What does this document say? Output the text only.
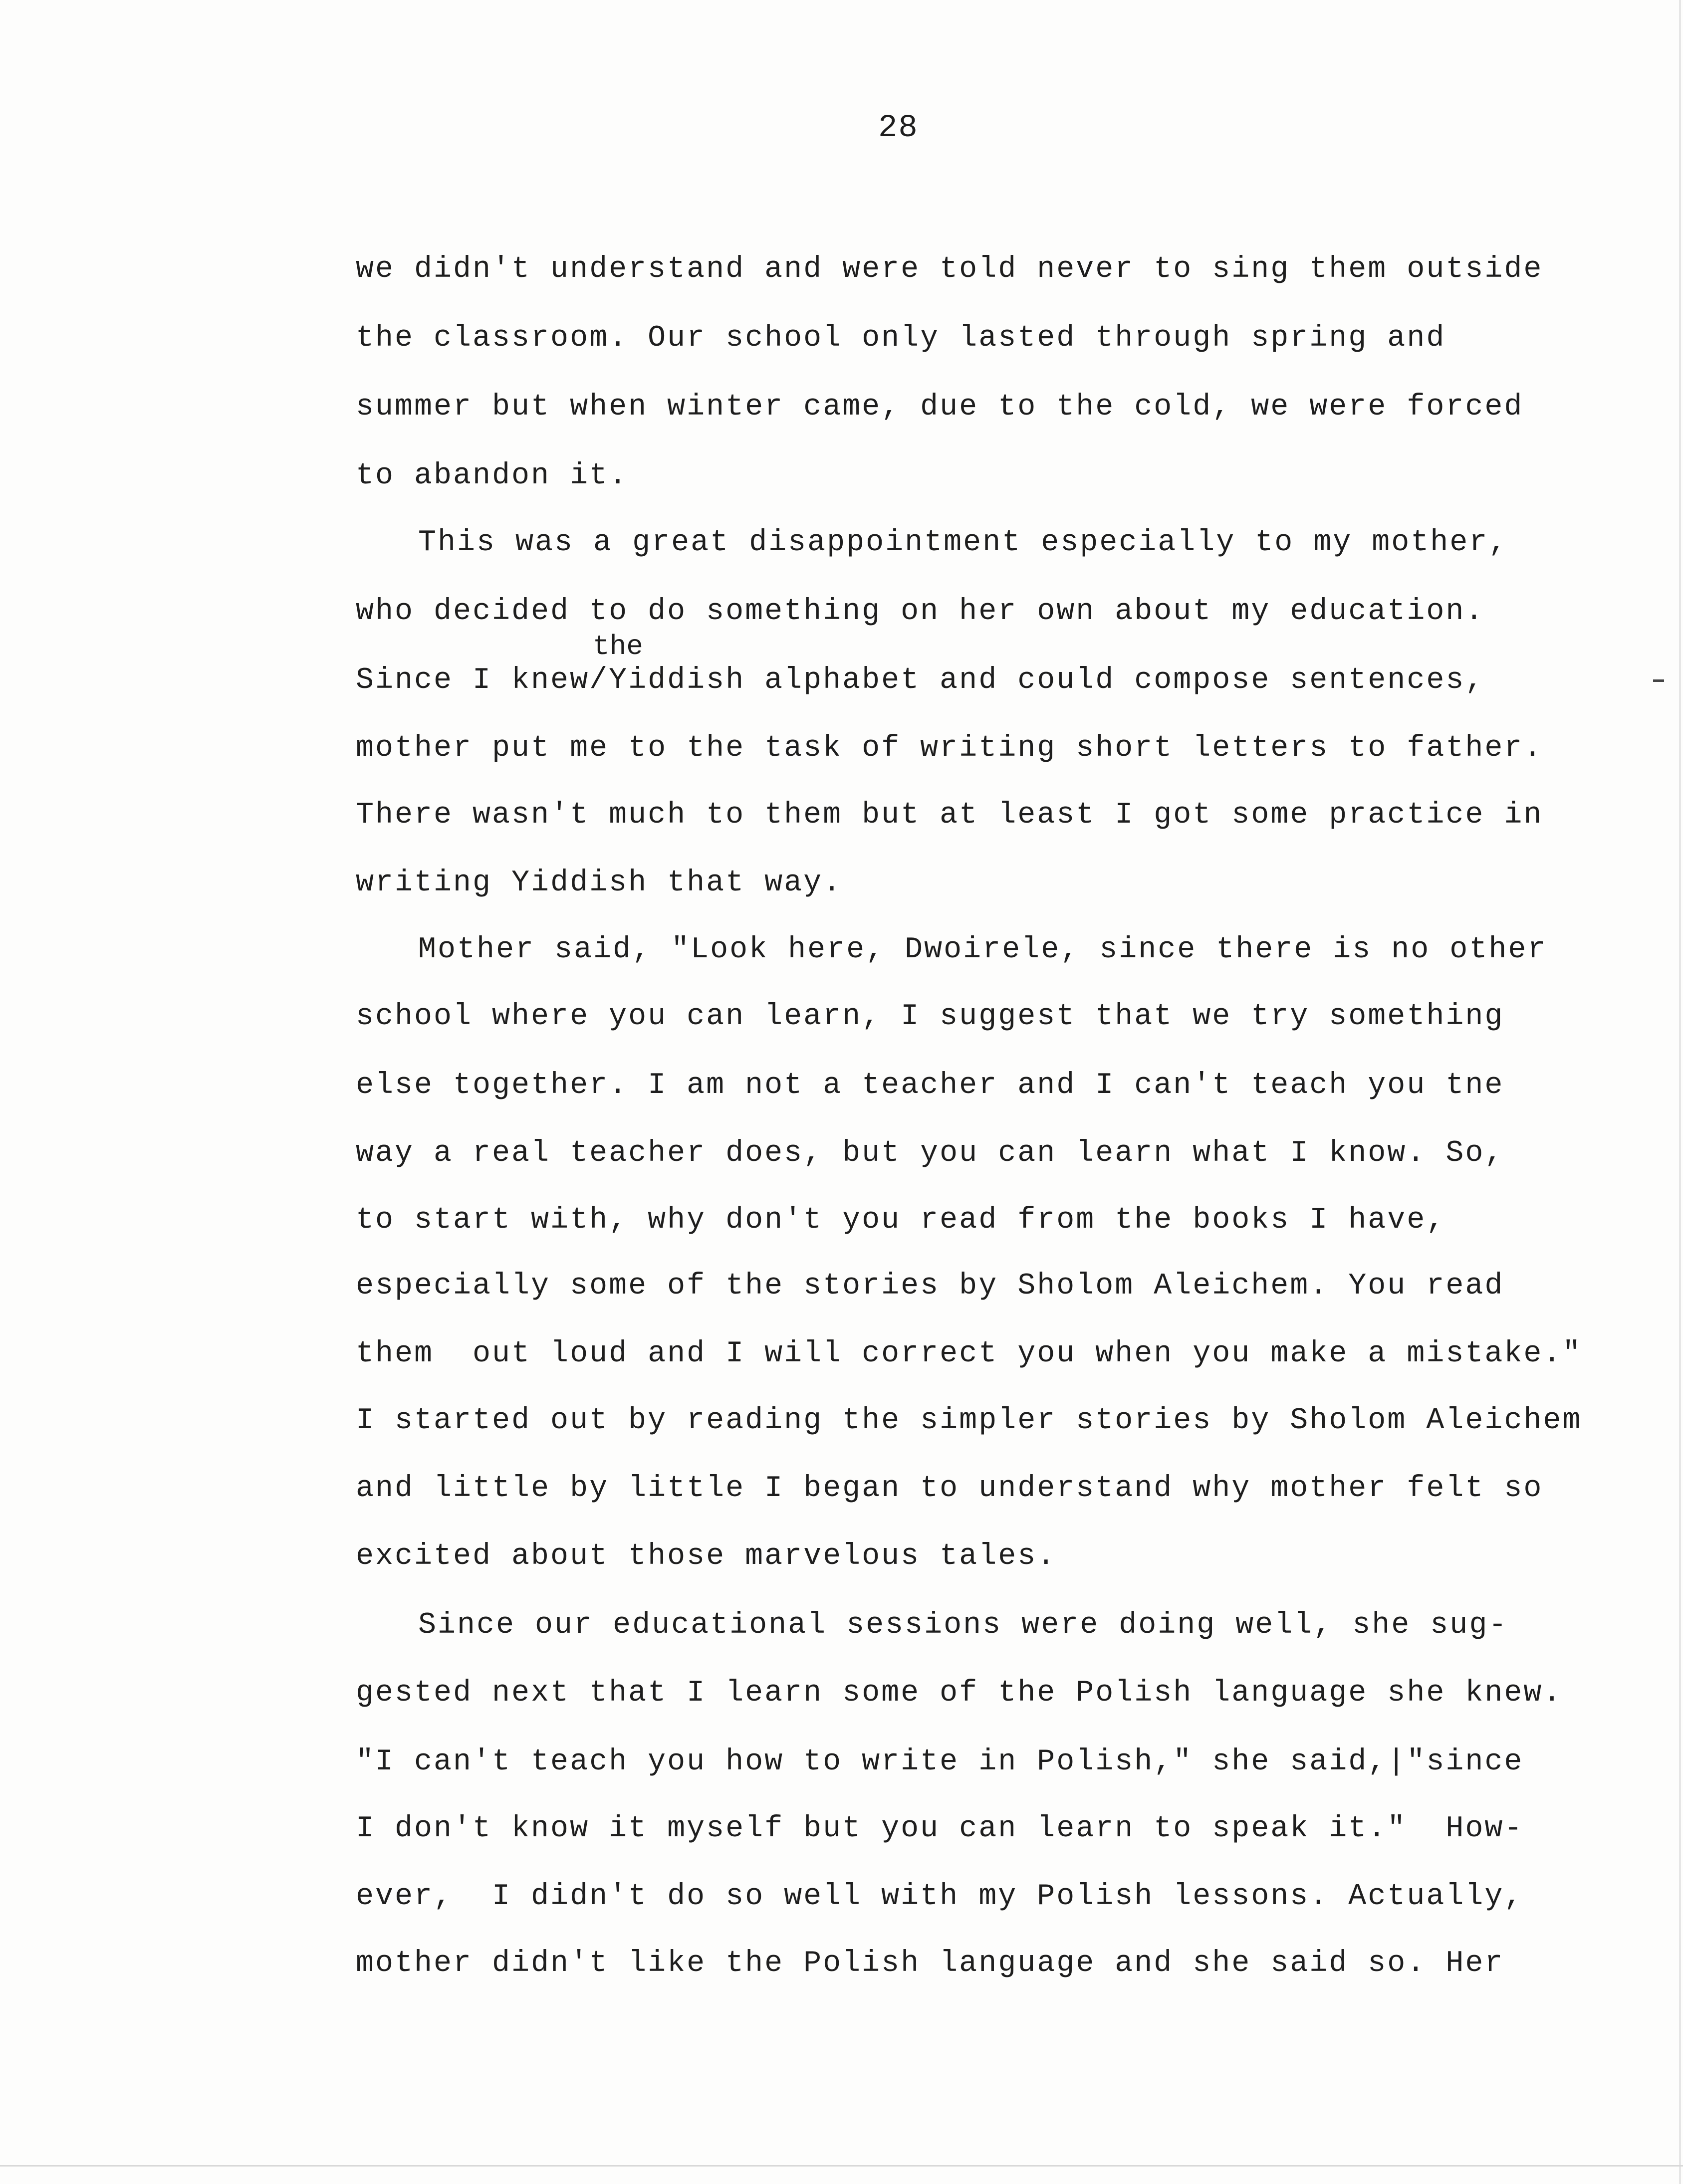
28
the
we didn't understand and were told never to sing them outside
the classroom. Our school only lasted through spring and
summer but when winter came, due to the cold, we were forced
to abandon it.
This was a great disappointment especially to my mother,
who decided to do something on her own about my education.
Since I knew/Yiddish alphabet and could compose sentences,
mother put me to the task of writing short letters to father.
There wasn't much to them but at least I got some practice in
writing Yiddish that way.
Mother said, "Look here, Dwoirele, since there is no other
school where you can learn, I suggest that we try something
else together. I am not a teacher and I can't teach you tne
way a real teacher does, but you can learn what I know. So,
to start with, why don't you read from the books I have,
especially some of the stories by Sholom Aleichem. You read
them  out loud and I will correct you when you make a mistake."
I started out by reading the simpler stories by Sholom Aleichem
and little by little I began to understand why mother felt so
excited about those marvelous tales.
Since our educational sessions were doing well, she sug-
gested next that I learn some of the Polish language she knew.
"I can't teach you how to write in Polish," she said,|"since
I don't know it myself but you can learn to speak it."  How-
ever,  I didn't do so well with my Polish lessons. Actually,
mother didn't like the Polish language and she said so. Her
